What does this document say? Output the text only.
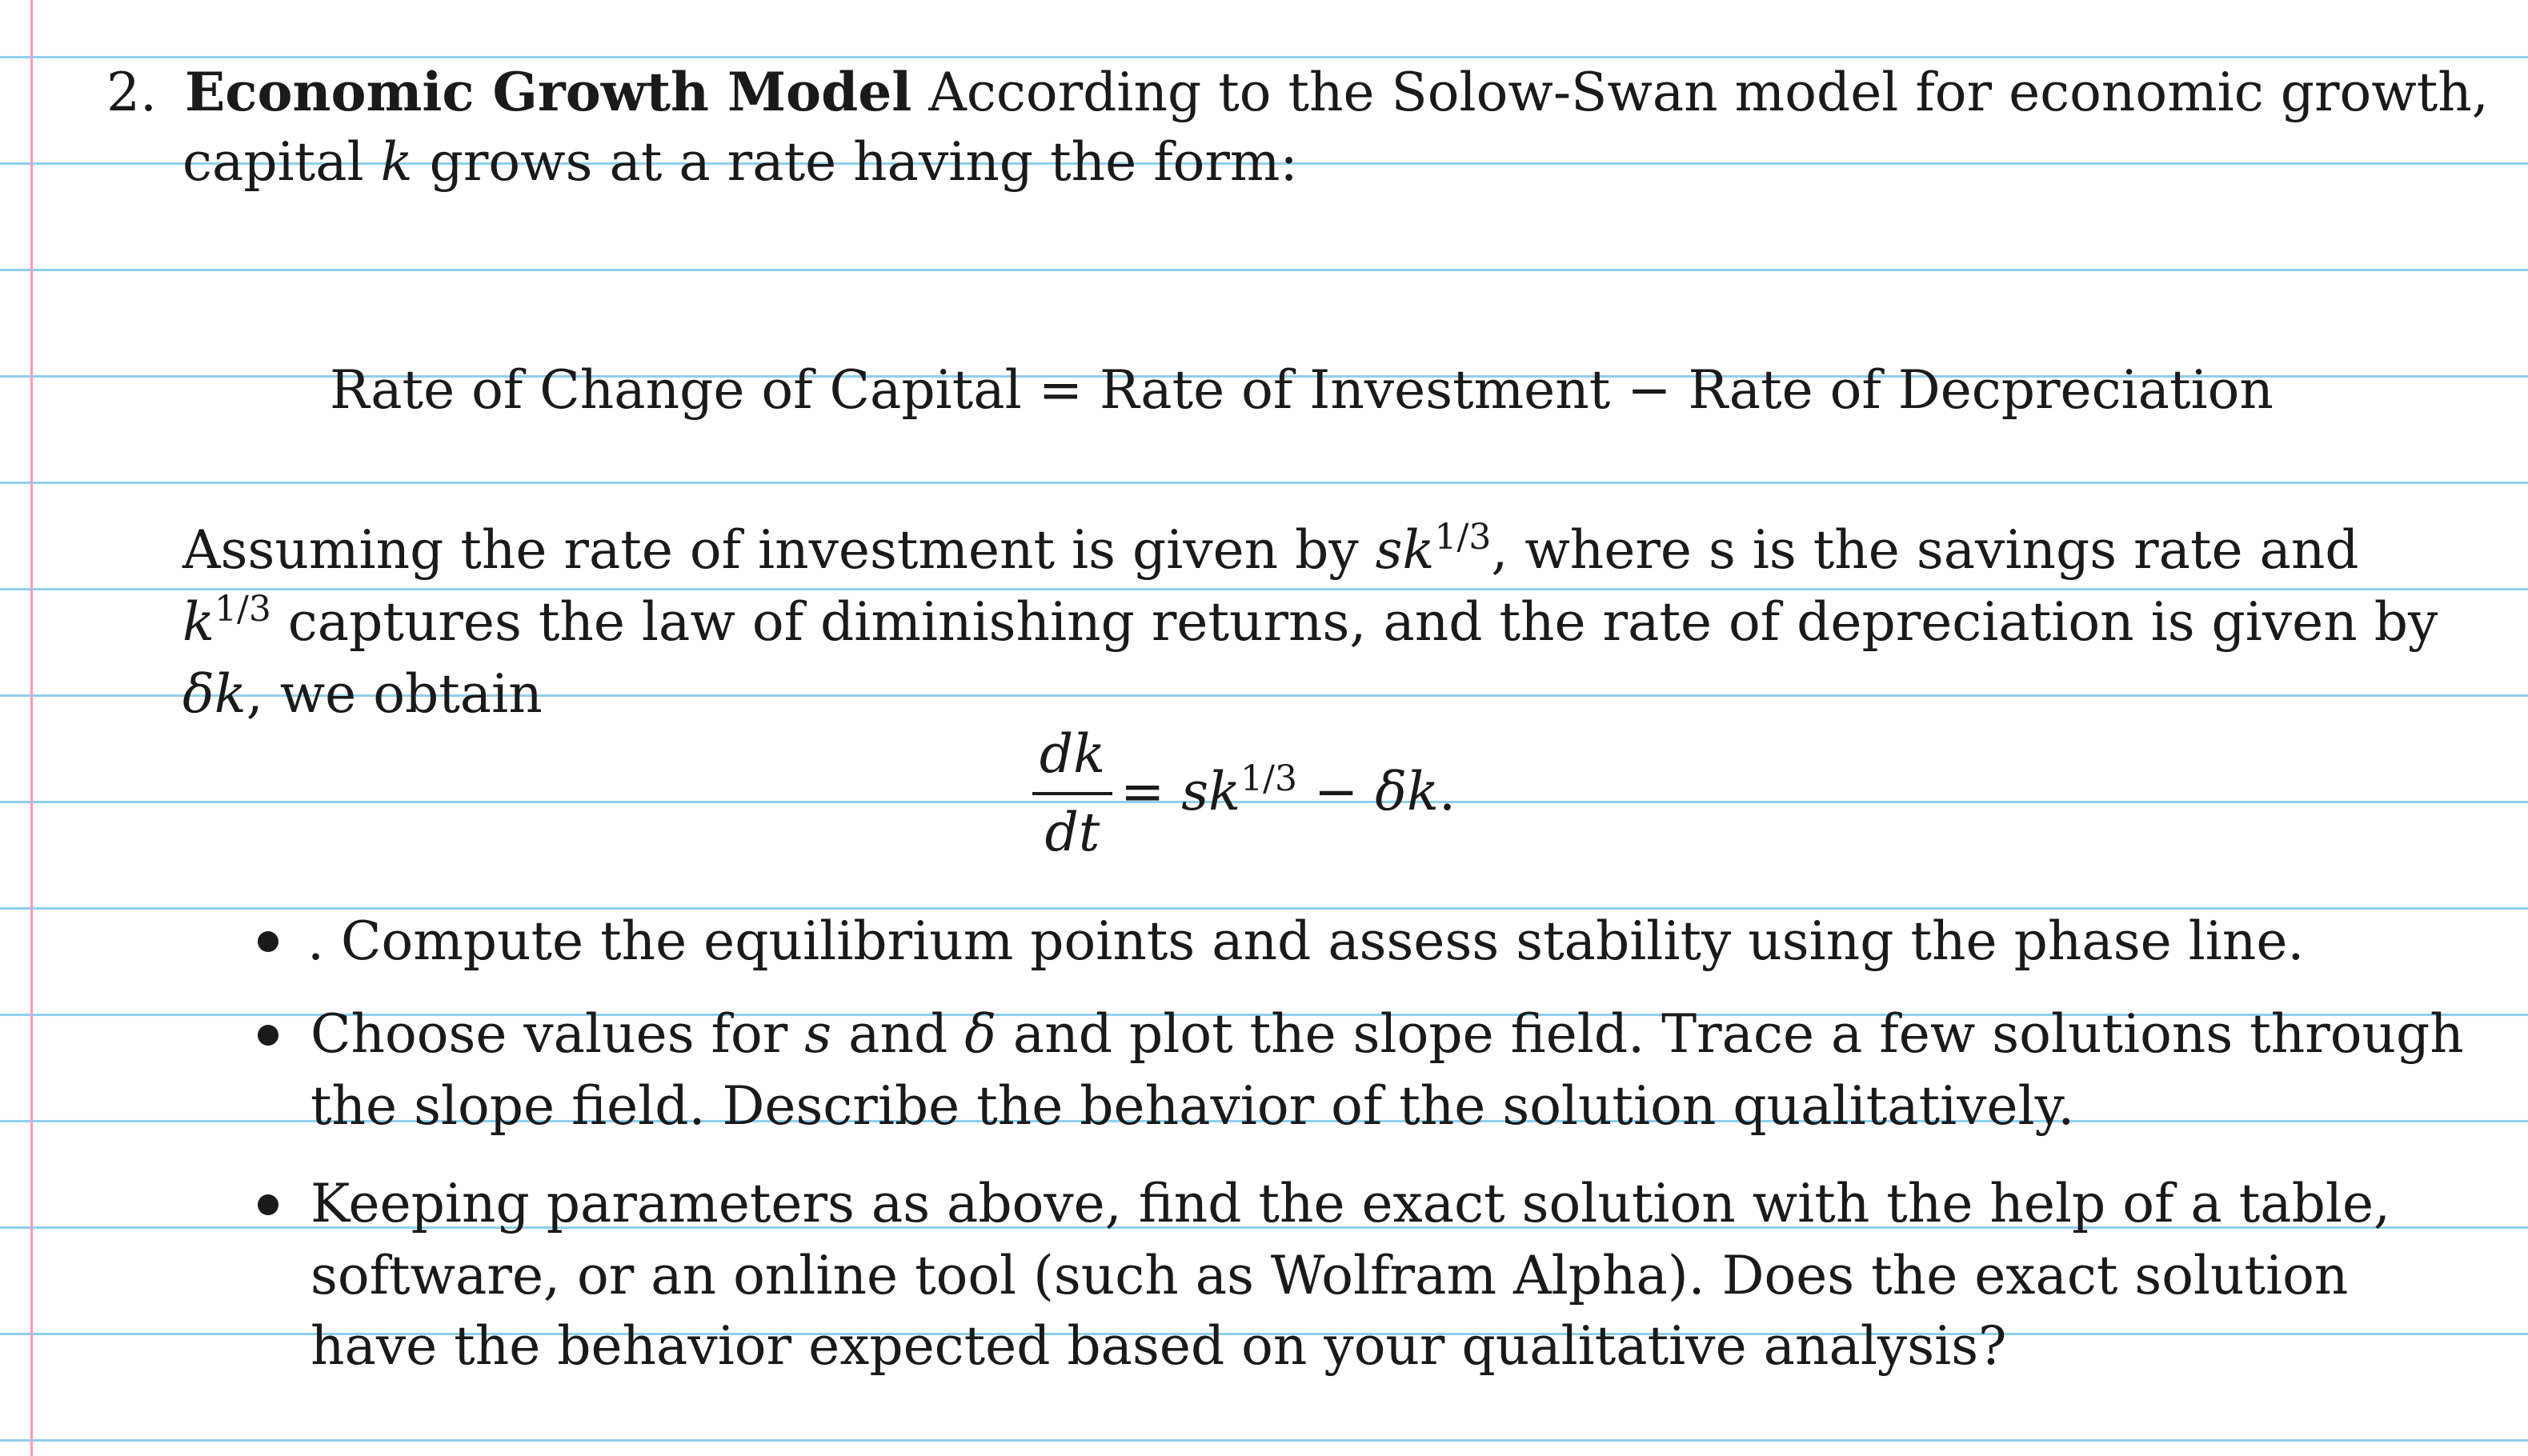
2. Economic Growth Model According to the Solow-Swan model for economic growth,
capital k grows at a rate having the form:
Rate of Change of Capital = Rate of Investment − Rate of Decpreciation
Assuming the rate of investment is given by $sk^{1/3}$, where s is the savings rate and
$k^{1/3}$ captures the law of diminishing returns, and the rate of depreciation is given by
δk, we obtain
dk
dt
= $sk^{1/3} - \delta k$.
. Compute the equilibrium points and assess stability using the phase line.
Choose values for s and δ and plot the slope field. Trace a few solutions through
the slope field. Describe the behavior of the solution qualitatively.
Keeping parameters as above, find the exact solution with the help of a table,
software, or an online tool (such as Wolfram Alpha). Does the exact solution
have the behavior expected based on your qualitative analysis?
